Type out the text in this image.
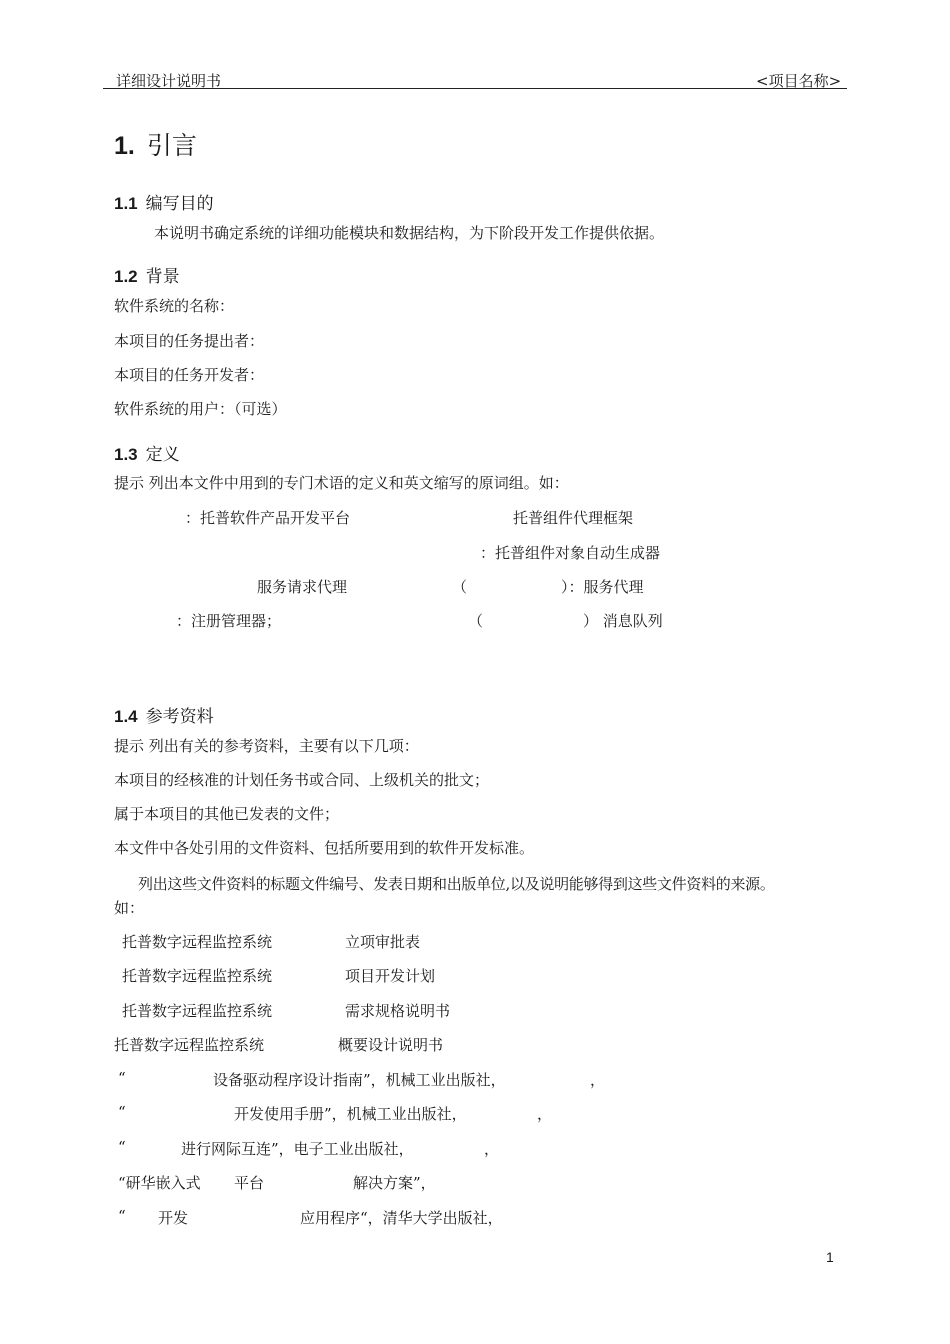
详细设计说明书	<项目名称>
1. 引言
1.1 编写目的
本说明书确定系统的详细功能模块和数据结构，为下阶段开发工作提供依据。
1.2 背景
软件系统的名称：
本项目的任务提出者：
本项目的任务开发者：
软件系统的用户：（可选）
1.3 定义
提示 列出本文件中用到的专门术语的定义和英文缩写的原词组。如：
：托普软件产品开发平台	托普组件代理框架
：托普组件对象自动生成器
服务请求代理	（	）：服务代理
：注册管理器；	（	） 消息队列
1.4 参考资料
提示 列出有关的参考资料，主要有以下几项：
本项目的经核准的计划任务书或合同、上级机关的批文；
属于本项目的其他已发表的文件；
本文件中各处引用的文件资料、包括所要用到的软件开发标准。
列出这些文件资料的标题文件编号、发表日期和出版单位,以及说明能够得到这些文件资料的来源。
如：
托普数字远程监控系统	立项审批表
托普数字远程监控系统	项目开发计划
托普数字远程监控系统	需求规格说明书
托普数字远程监控系统	概要设计说明书
“	设备驱动程序设计指南”，机械工业出版社，	，
“	开发使用手册”，机械工业出版社，	，
“	进行网际互连”，电子工业出版社，	，
“研华嵌入式 平台	解决方案”，
“ 开发	应用程序“，清华大学出版社，
1
